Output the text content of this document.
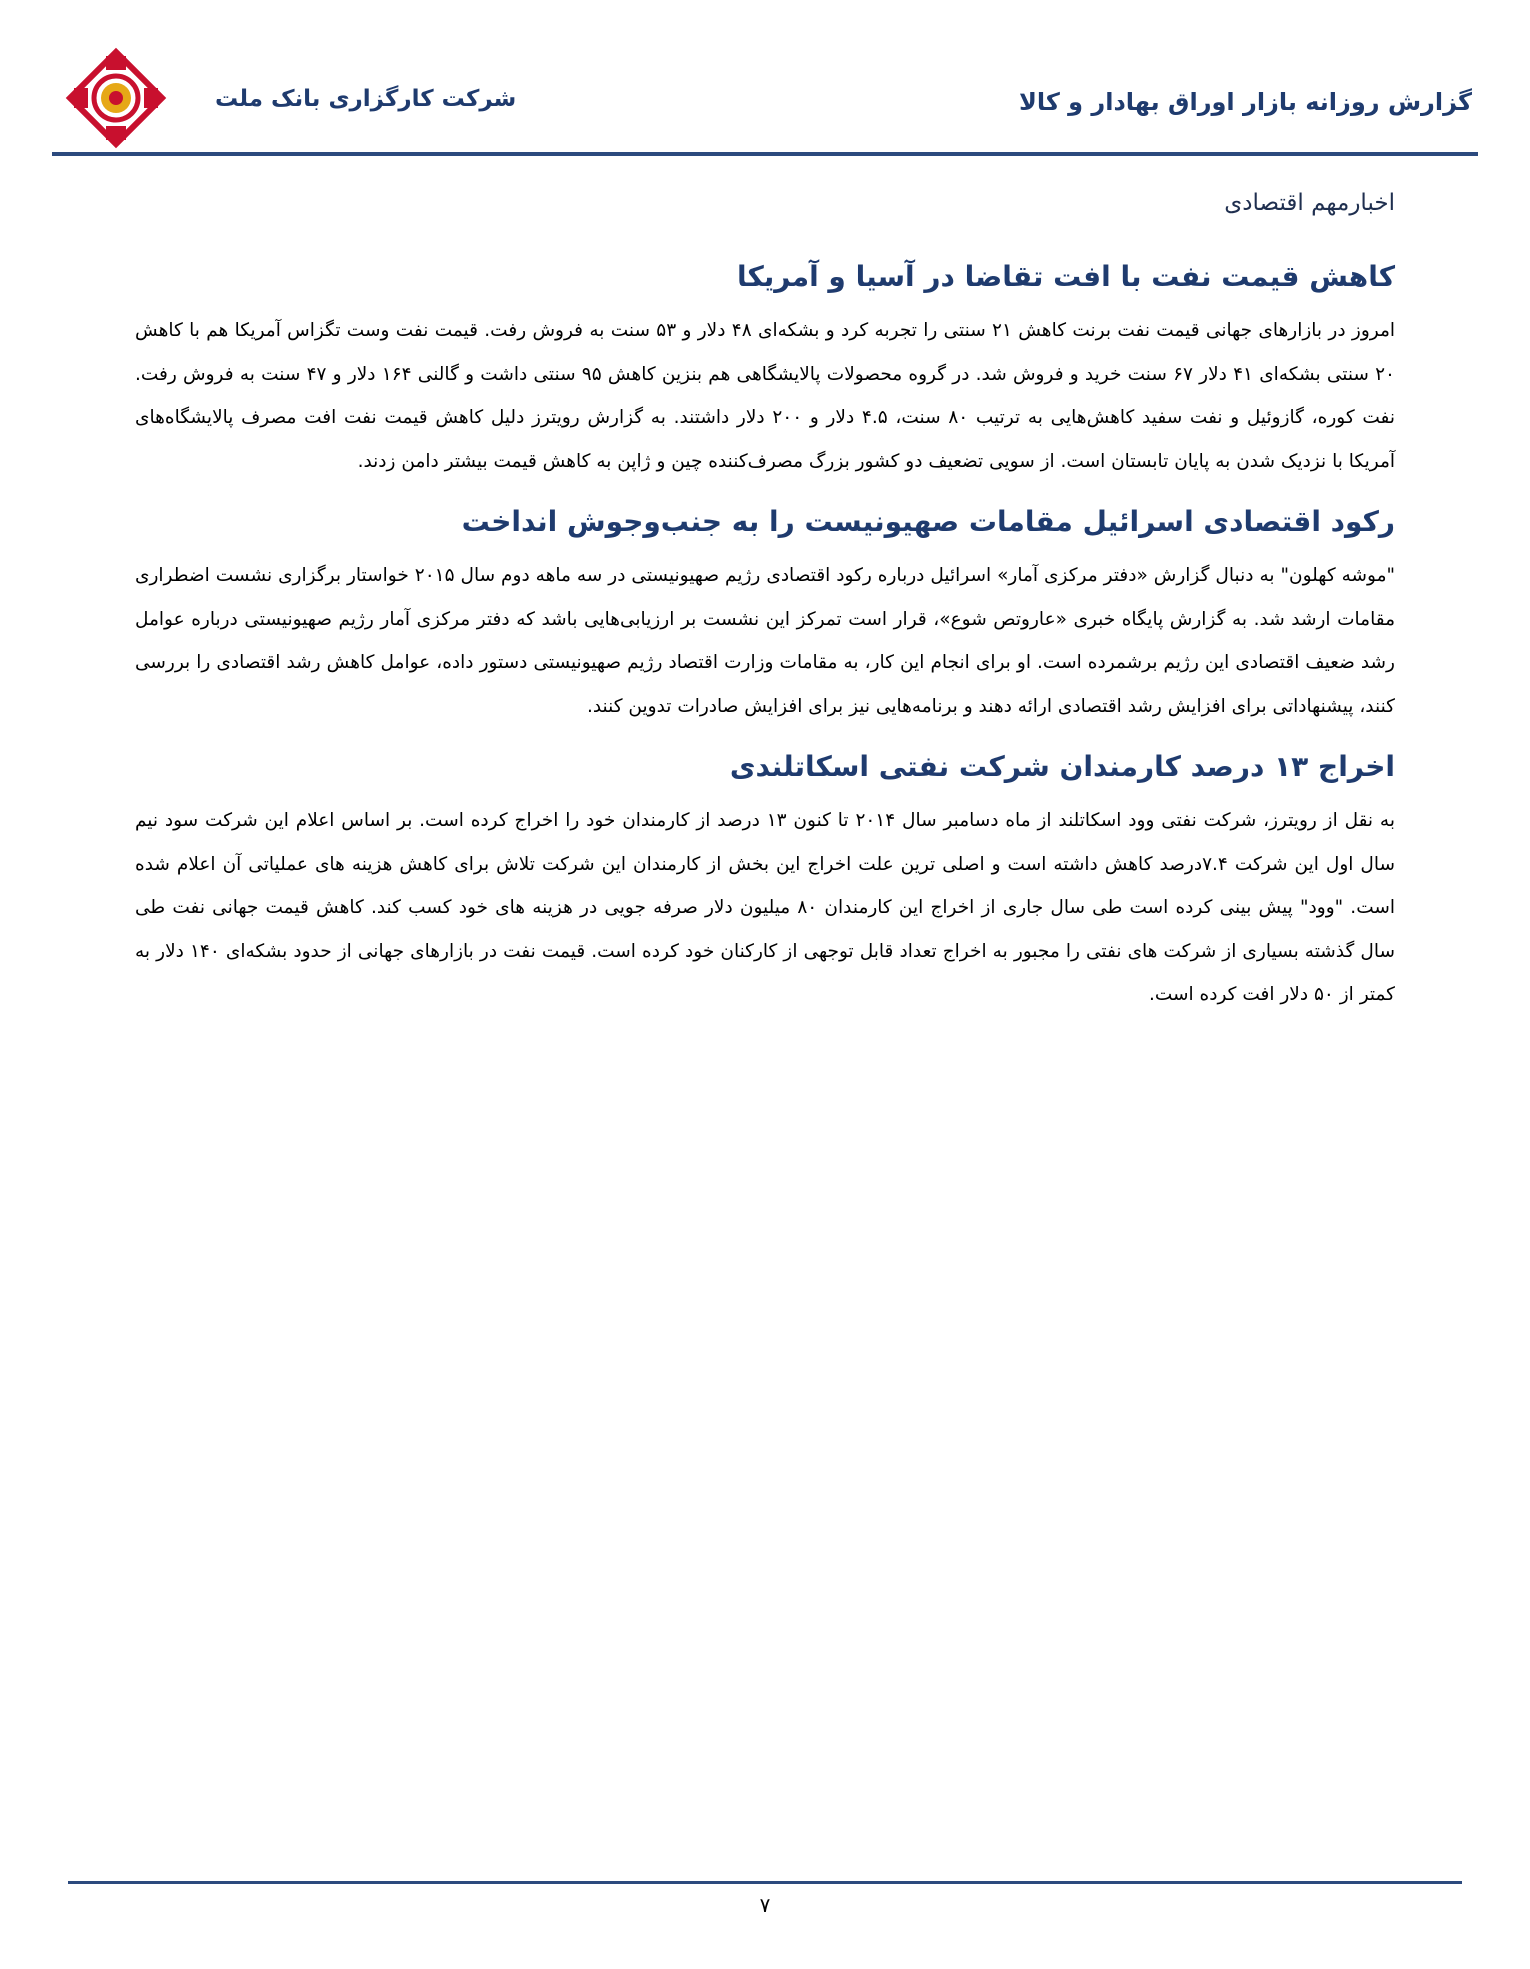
شرکت کارگزاری بانک ملت	گزارش روزانه بازار اوراق بهادار و کالا
اخبارمهم اقتصادی
کاهش قیمت نفت با افت تقاضا در آسیا و آمریکا

امروز در بازارهای جهانی قیمت نفت برنت کاهش ۲۱ سنتی را تجربه کرد و بشکه‌ای ۴۸ دلار و ۵۳ سنت به فروش رفت. قیمت نفت وست تگزاس آمریکا هم با کاهش ۲۰ سنتی بشکه‌ای ۴۱ دلار ۶۷ سنت خرید و فروش شد. در گروه محصولات پالایشگاهی هم بنزین کاهش ۹۵ سنتی داشت و گالنی ۱۶۴ دلار و ۴۷ سنت به فروش رفت. نفت کوره، گازوئیل و نفت سفید کاهش‌هایی به ترتیب ۸۰ سنت، ۴.۵ دلار و ۲۰۰ دلار داشتند. به گزارش رویترز دلیل کاهش قیمت نفت افت مصرف پالایشگاه‌های آمریکا با نزدیک شدن به پایان تابستان است. از سویی تضعیف دو کشور بزرگ مصرف‌کننده چین و ژاپن به کاهش قیمت بیشتر دامن زدند.

رکود اقتصادی اسرائیل مقامات صهیونیست را به جنب‌وجوش انداخت

"موشه کهلون" به دنبال گزارش «دفتر مرکزی آمار» اسرائیل درباره رکود اقتصادی رژیم صهیونیستی در سه ماهه دوم سال ۲۰۱۵ خواستار برگزاری نشست اضطراری مقامات ارشد شد. به گزارش پایگاه خبری «عاروتص شوع»، قرار است تمرکز این نشست بر ارزیابی‌هایی باشد که دفتر مرکزی آمار رژیم صهیونیستی درباره عوامل رشد ضعیف اقتصادی این رژیم برشمرده است. او برای انجام این کار، به مقامات وزارت اقتصاد رژیم صهیونیستی دستور داده، عوامل کاهش رشد اقتصادی را بررسی کنند، پیشنهاداتی برای افزایش رشد اقتصادی ارائه دهند و برنامه‌هایی نیز برای افزایش صادرات تدوین کنند.

اخراج ۱۳ درصد کارمندان شرکت نفتی اسکاتلندی

به نقل از رویترز، شرکت نفتی وود اسکاتلند از ماه دسامبر سال ۲۰۱۴ تا کنون ۱۳ درصد از کارمندان خود را اخراج کرده است. بر اساس اعلام این شرکت سود نیم سال اول این شرکت ۷.۴درصد کاهش داشته است و اصلی ترین علت اخراج این بخش از کارمندان این شرکت تلاش برای کاهش هزینه های عملیاتی آن اعلام شده است. "وود" پیش بینی کرده است طی سال جاری از اخراج این کارمندان ۸۰ میلیون دلار صرفه جویی در هزینه های خود کسب کند. کاهش قیمت جهانی نفت طی سال گذشته بسیاری از شرکت های نفتی را مجبور به اخراج تعداد قابل توجهی از کارکنان خود کرده است. قیمت نفت در بازارهای جهانی از حدود بشکه‌ای ۱۴۰ دلار به کمتر از ۵۰ دلار افت کرده است.

۷
